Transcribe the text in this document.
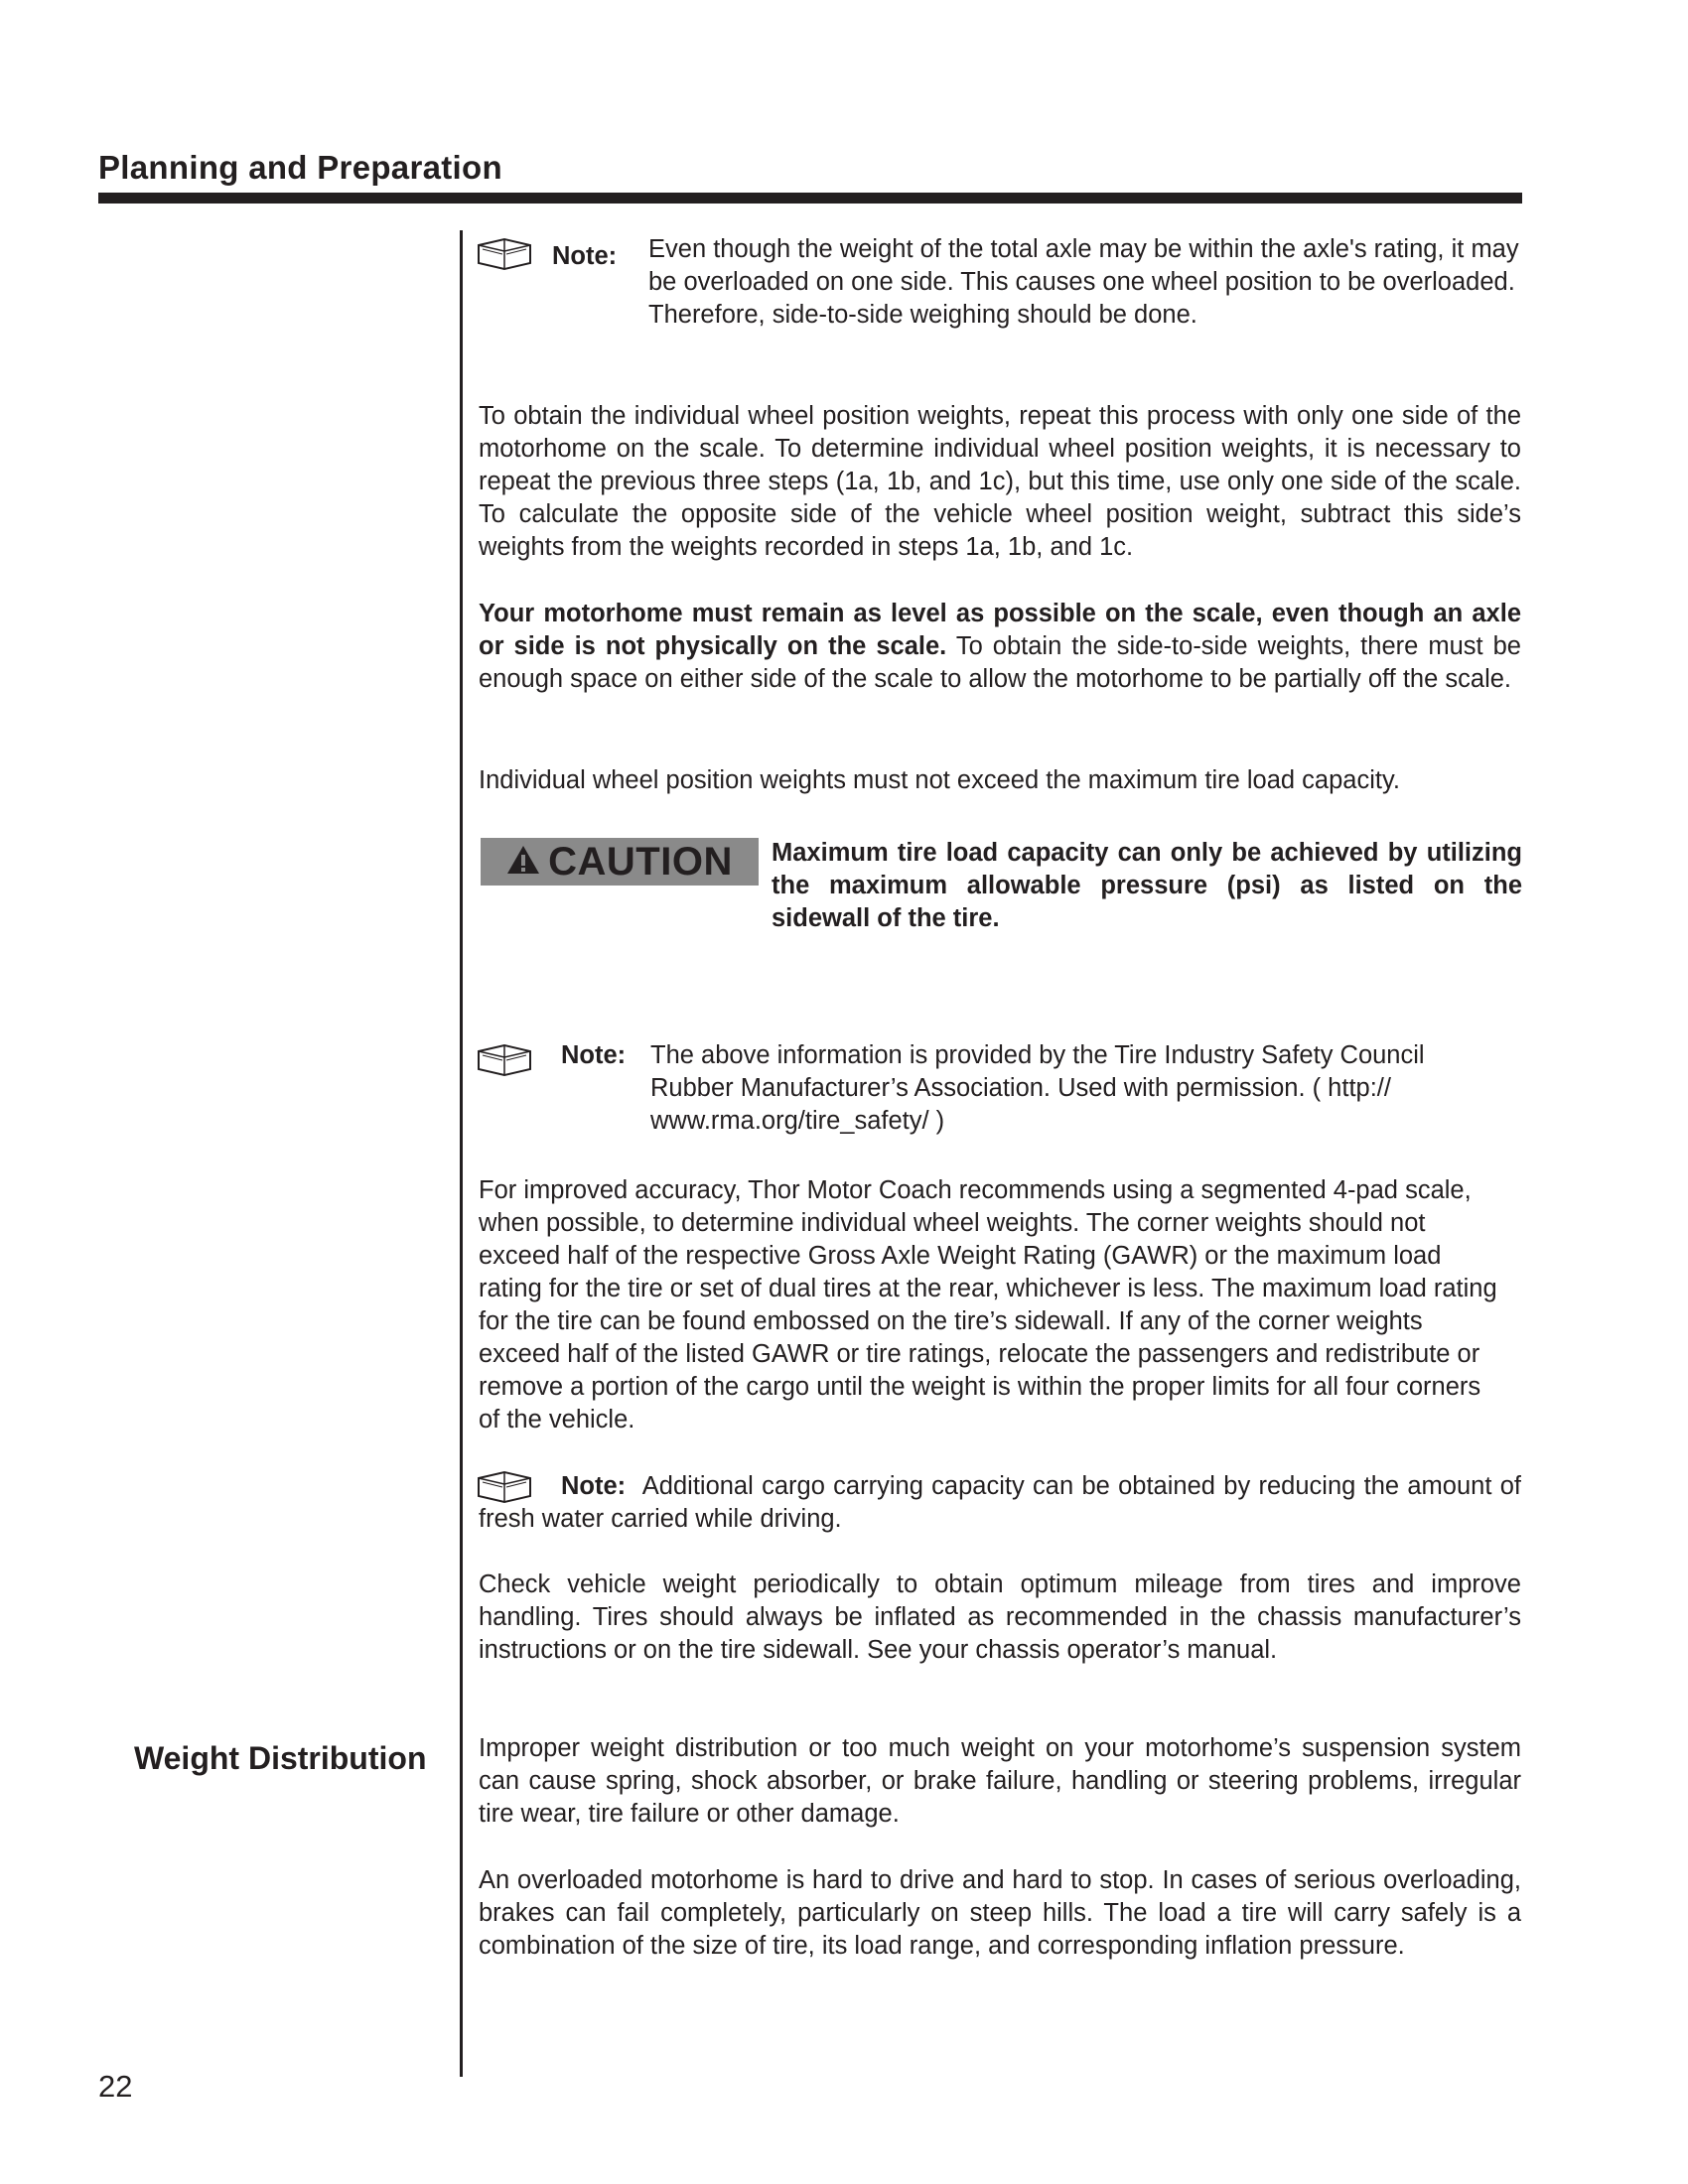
Planning and Preparation
Note: Even though the weight of the total axle may be within the axle's rating, it may be overloaded on one side. This causes one wheel position to be overloaded. Therefore, side-to-side weighing should be done.
To obtain the individual wheel position weights, repeat this process with only one side of the motorhome on the scale. To determine individual wheel position weights, it is necessary to repeat the previous three steps (1a, 1b, and 1c), but this time, use only one side of the scale. To calculate the opposite side of the vehicle wheel position weight, subtract this side’s weights from the weights recorded in steps 1a, 1b, and 1c.
Your motorhome must remain as level as possible on the scale, even though an axle or side is not physically on the scale. To obtain the side-to-side weights, there must be enough space on either side of the scale to allow the motorhome to be partially off the scale.
Individual wheel position weights must not exceed the maximum tire load capacity.
CAUTION Maximum tire load capacity can only be achieved by utilizing the maximum allowable pressure (psi) as listed on the sidewall of the tire.
Note: The above information is provided by the Tire Industry Safety Council Rubber Manufacturer’s Association. Used with permission. ( http:// www.rma.org/tire_safety/ )
For improved accuracy, Thor Motor Coach recommends using a segmented 4-pad scale, when possible, to determine individual wheel weights. The corner weights should not exceed half of the respective Gross Axle Weight Rating (GAWR) or the maximum load rating for the tire or set of dual tires at the rear, whichever is less. The maximum load rating for the tire can be found embossed on the tire’s sidewall. If any of the corner weights exceed half of the listed GAWR or tire ratings, relocate the passengers and redistribute or remove a portion of the cargo until the weight is within the proper limits for all four corners of the vehicle.
Note: Additional cargo carrying capacity can be obtained by reducing the amount of fresh water carried while driving.
Check vehicle weight periodically to obtain optimum mileage from tires and improve handling. Tires should always be inflated as recommended in the chassis manufacturer’s instructions or on the tire sidewall. See your chassis operator’s manual.
Weight Distribution	Improper weight distribution or too much weight on your motorhome’s suspension system can cause spring, shock absorber, or brake failure, handling or steering problems, irregular tire wear, tire failure or other damage.
An overloaded motorhome is hard to drive and hard to stop. In cases of serious overloading, brakes can fail completely, particularly on steep hills. The load a tire will carry safely is a combination of the size of tire, its load range, and corresponding inflation pressure.
22
